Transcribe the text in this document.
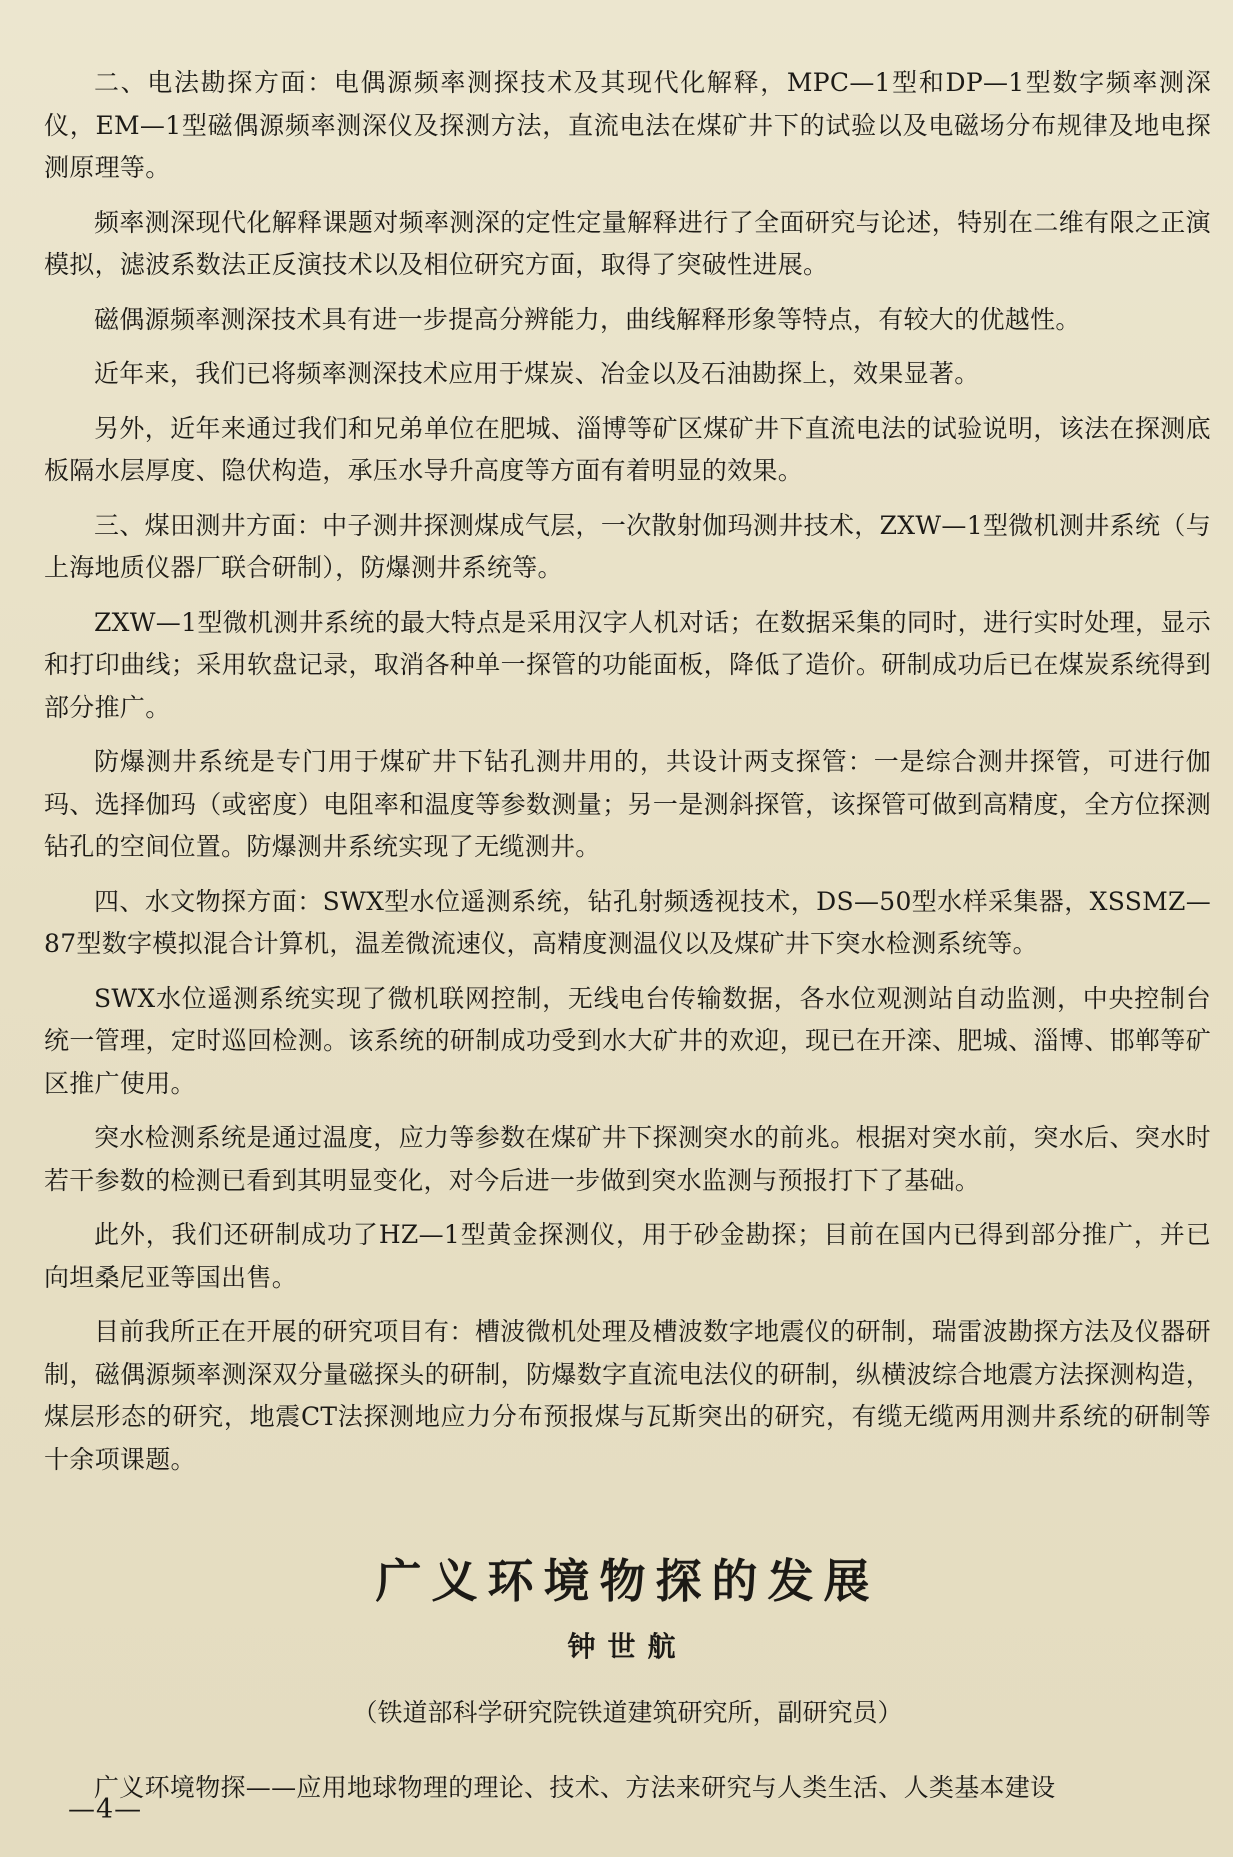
二、电法勘探方面：电偶源频率测探技术及其现代化解释，MPC—1型和DP—1型数字频率测深仪，EM—1型磁偶源频率测深仪及探测方法，直流电法在煤矿井下的试验以及电磁场分布规律及地电探测原理等。

频率测深现代化解释课题对频率测深的定性定量解释进行了全面研究与论述，特别在二维有限之正演模拟，滤波系数法正反演技术以及相位研究方面，取得了突破性进展。

磁偶源频率测深技术具有进一步提高分辨能力，曲线解释形象等特点，有较大的优越性。

近年来，我们已将频率测深技术应用于煤炭、冶金以及石油勘探上，效果显著。

另外，近年来通过我们和兄弟单位在肥城、淄博等矿区煤矿井下直流电法的试验说明，该法在探测底板隔水层厚度、隐伏构造，承压水导升高度等方面有着明显的效果。

三、煤田测井方面：中子测井探测煤成气层，一次散射伽玛测井技术，ZXW—1型微机测井系统（与上海地质仪器厂联合研制），防爆测井系统等。

ZXW—1型微机测井系统的最大特点是采用汉字人机对话；在数据采集的同时，进行实时处理，显示和打印曲线；采用软盘记录，取消各种单一探管的功能面板，降低了造价。研制成功后已在煤炭系统得到部分推广。

防爆测井系统是专门用于煤矿井下钻孔测井用的，共设计两支探管：一是综合测井探管，可进行伽玛、选择伽玛（或密度）电阻率和温度等参数测量；另一是测斜探管，该探管可做到高精度，全方位探测钻孔的空间位置。防爆测井系统实现了无缆测井。

四、水文物探方面：SWX型水位遥测系统，钻孔射频透视技术，DS—50型水样采集器，XSSMZ—87型数字模拟混合计算机，温差微流速仪，高精度测温仪以及煤矿井下突水检测系统等。

SWX水位遥测系统实现了微机联网控制，无线电台传输数据，各水位观测站自动监测，中央控制台统一管理，定时巡回检测。该系统的研制成功受到水大矿井的欢迎，现已在开滦、肥城、淄博、邯郸等矿区推广使用。

突水检测系统是通过温度，应力等参数在煤矿井下探测突水的前兆。根据对突水前，突水后、突水时若干参数的检测已看到其明显变化，对今后进一步做到突水监测与预报打下了基础。

此外，我们还研制成功了HZ—1型黄金探测仪，用于砂金勘探；目前在国内已得到部分推广，并已向坦桑尼亚等国出售。

目前我所正在开展的研究项目有：槽波微机处理及槽波数字地震仪的研制，瑞雷波勘探方法及仪器研制，磁偶源频率测深双分量磁探头的研制，防爆数字直流电法仪的研制，纵横波综合地震方法探测构造，煤层形态的研究，地震CT法探测地应力分布预报煤与瓦斯突出的研究，有缆无缆两用测井系统的研制等十余项课题。

广义环境物探的发展
钟世航
（铁道部科学研究院铁道建筑研究所，副研究员）

广义环境物探——应用地球物理的理论、技术、方法来研究与人类生活、人类基本建设

—4—
